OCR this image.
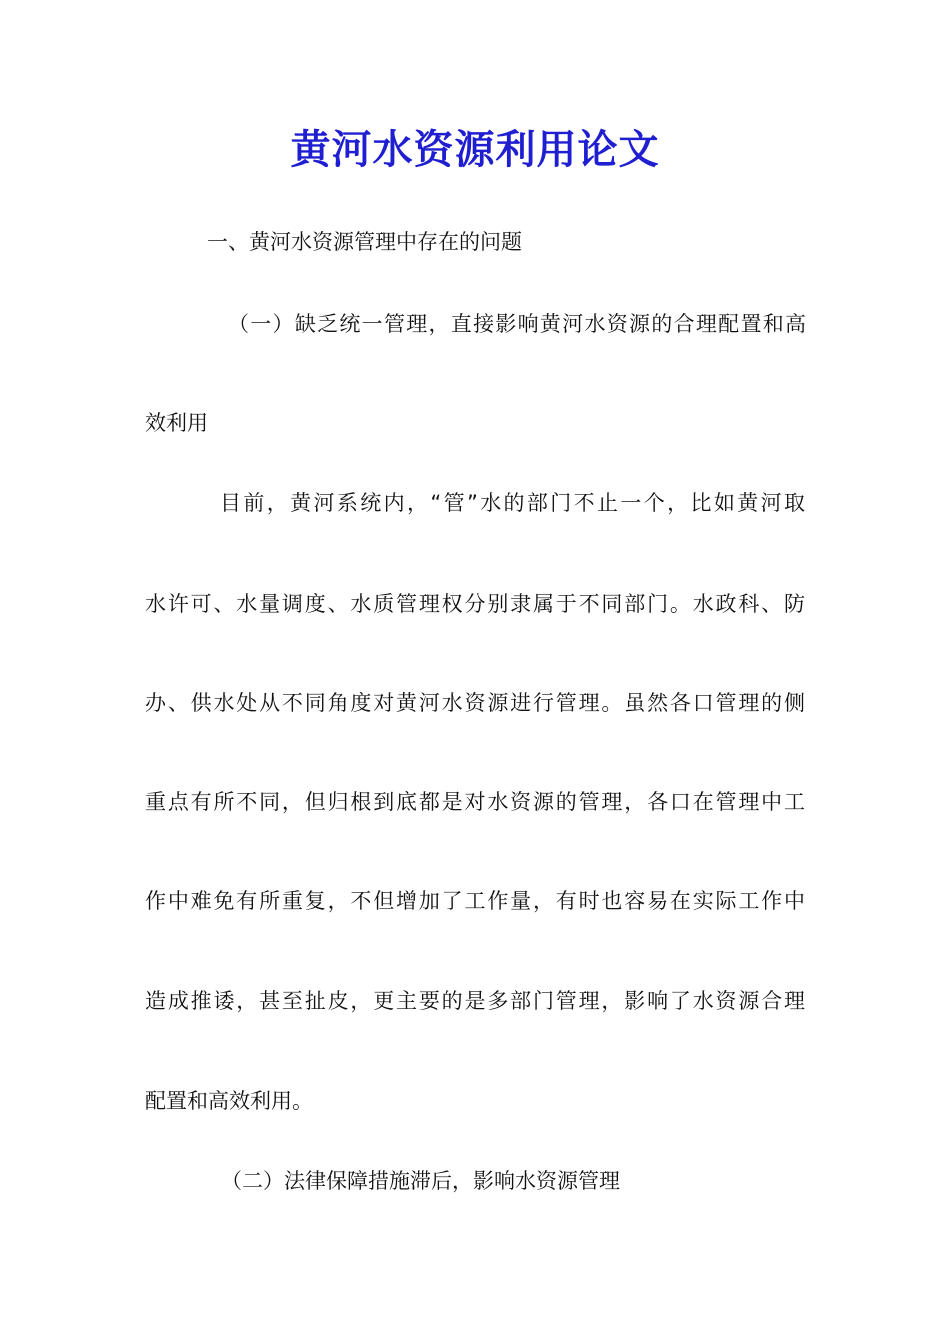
黄河水资源利用论文
一、黄河水资源管理中存在的问题
（一）缺乏统一管理，直接影响黄河水资源的合理配置和高
效利用
目前，黄河系统内，“管”水的部门不止一个，比如黄河取
水许可、水量调度、水质管理权分别隶属于不同部门。水政科、防
办、供水处从不同角度对黄河水资源进行管理。虽然各口管理的侧
重点有所不同，但归根到底都是对水资源的管理，各口在管理中工
作中难免有所重复，不但增加了工作量，有时也容易在实际工作中
造成推诿，甚至扯皮，更主要的是多部门管理，影响了水资源合理
配置和高效利用。
（二）法律保障措施滞后，影响水资源管理
